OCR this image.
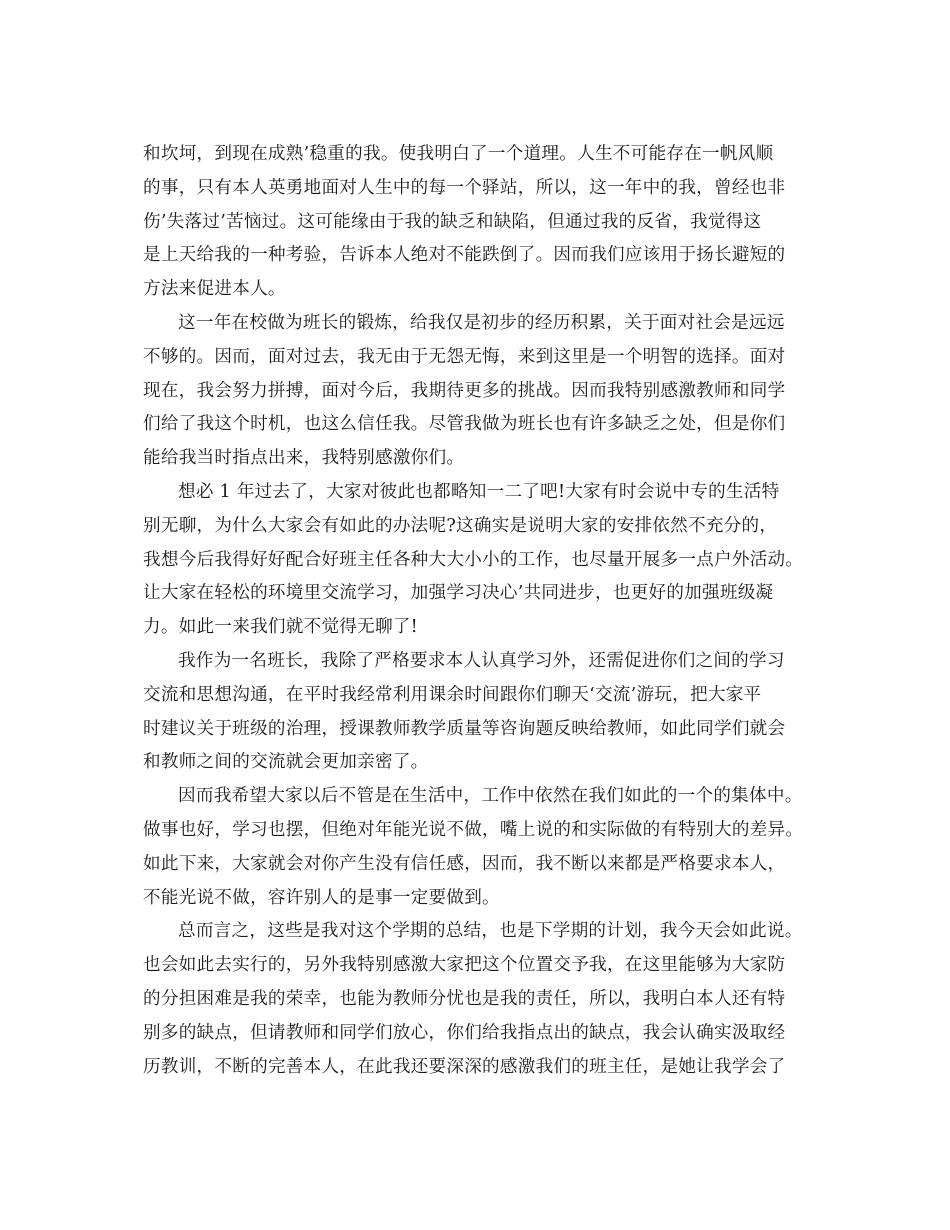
和坎坷，到现在成熟’稳重的我。使我明白了一个道理。人生不可能存在一帆风顺
的事，只有本人英勇地面对人生中的每一个驿站，所以，这一年中的我，曾经也非
伤’失落过’苦恼过。这可能缘由于我的缺乏和缺陷，但通过我的反省，我觉得这
是上天给我的一种考验，告诉本人绝对不能跌倒了。因而我们应该用于扬长避短的
方法来促进本人。
这一年在校做为班长的锻炼，给我仅是初步的经历积累，关于面对社会是远远
不够的。因而，面对过去，我无由于无怨无悔，来到这里是一个明智的选择。面对
现在，我会努力拼搏，面对今后，我期待更多的挑战。因而我特别感激教师和同学
们给了我这个时机，也这么信任我。尽管我做为班长也有许多缺乏之处，但是你们
能给我当时指点出来，我特别感激你们。
想必 1 年过去了，大家对彼此也都略知一二了吧!大家有时会说中专的生活特
别无聊，为什么大家会有如此的办法呢?这确实是说明大家的安排依然不充分的，
我想今后我得好好配合好班主任各种大大小小的工作，也尽量开展多一点户外活动。
让大家在轻松的环境里交流学习，加强学习决心’共同进步，也更好的加强班级凝
力。如此一来我们就不觉得无聊了!
我作为一名班长，我除了严格要求本人认真学习外，还需促进你们之间的学习
交流和思想沟通，在平时我经常利用课余时间跟你们聊天‘交流’游玩，把大家平
时建议关于班级的治理，授课教师教学质量等咨询题反映给教师，如此同学们就会
和教师之间的交流就会更加亲密了。
因而我希望大家以后不管是在生活中，工作中依然在我们如此的一个的集体中。
做事也好，学习也摆，但绝对年能光说不做，嘴上说的和实际做的有特别大的差异。
如此下来，大家就会对你产生没有信任感，因而，我不断以来都是严格要求本人，
不能光说不做，容许别人的是事一定要做到。
总而言之，这些是我对这个学期的总结，也是下学期的计划，我今天会如此说。
也会如此去实行的，另外我特别感激大家把这个位置交予我，在这里能够为大家防
的分担困难是我的荣幸，也能为教师分忧也是我的责任，所以，我明白本人还有特
别多的缺点，但请教师和同学们放心，你们给我指点出的缺点，我会认确实汲取经
历教训，不断的完善本人，在此我还要深深的感激我们的班主任，是她让我学会了
